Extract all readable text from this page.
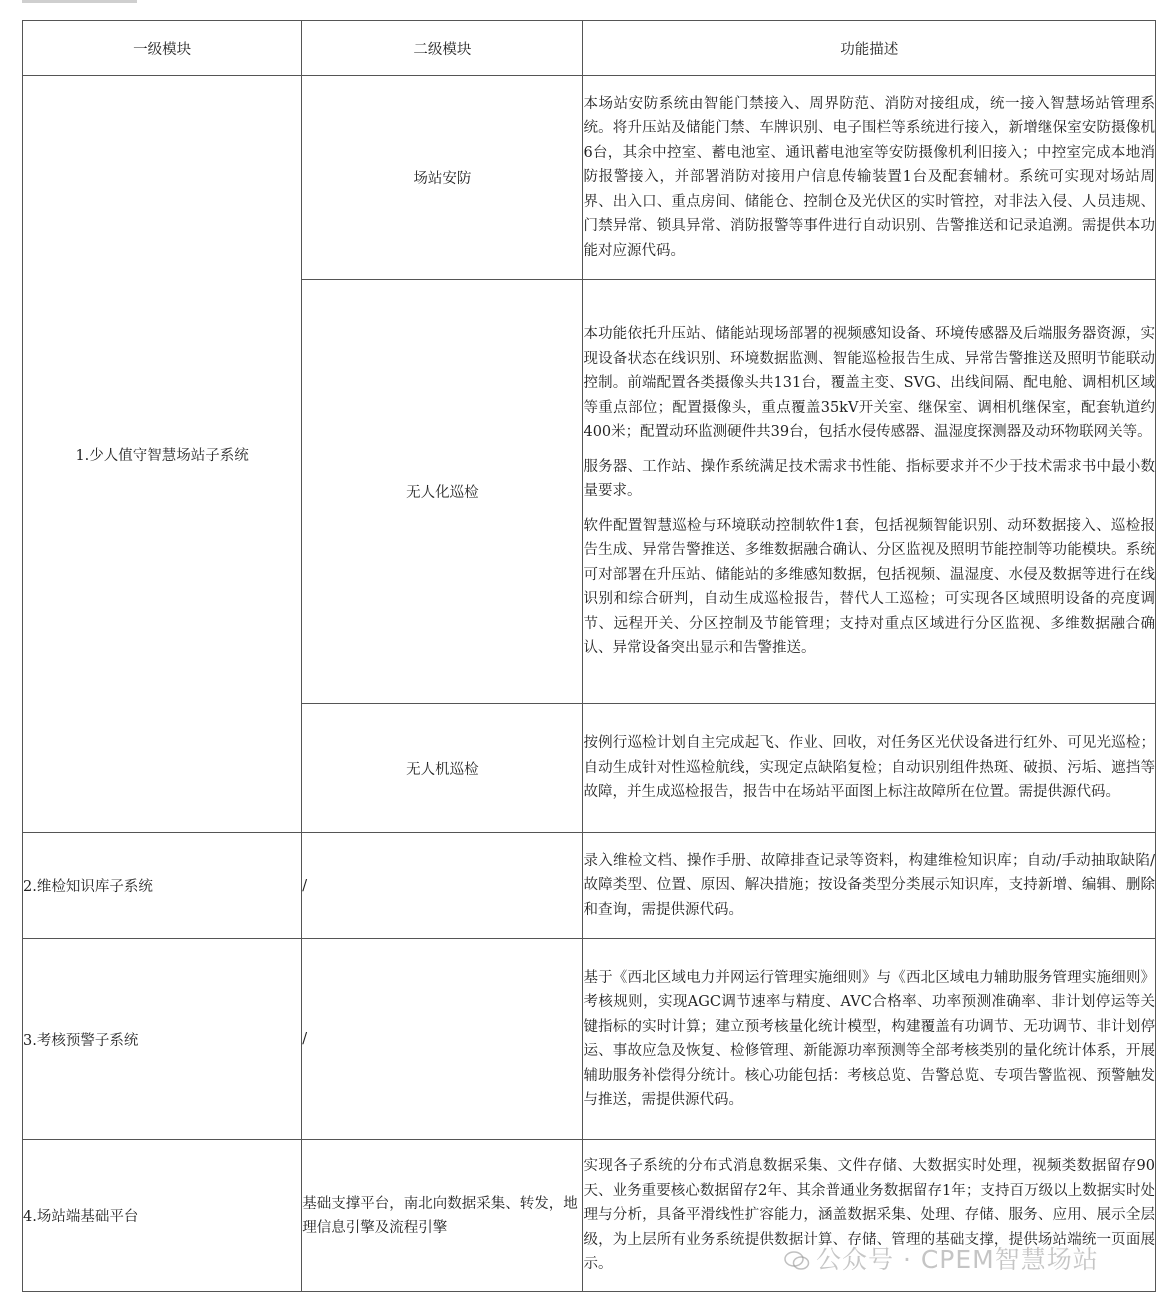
一级模块	二级模块	功能描述
1.少人值守智慧场站子系统	场站安防	本场站安防系统由智能门禁接入、周界防范、消防对接组成，统一接入智慧场站管理系统。将升压站及储能门禁、车牌识别、电子围栏等系统进行接入，新增继保室安防摄像机6台，其余中控室、蓄电池室、通讯蓄电池室等安防摄像机利旧接入；中控室完成本地消防报警接入，并部署消防对接用户信息传输装置1台及配套辅材。系统可实现对场站周界、出入口、重点房间、储能仓、控制仓及光伏区的实时管控，对非法入侵、人员违规、门禁异常、锁具异常、消防报警等事件进行自动识别、告警推送和记录追溯。需提供本功能对应源代码。

	无人化巡检	本功能依托升压站、储能站现场部署的视频感知设备、环境传感器及后端服务器资源，实现设备状态在线识别、环境数据监测、智能巡检报告生成、异常告警推送及照明节能联动控制。前端配置各类摄像头共131台，覆盖主变、SVG、出线间隔、配电舱、调相机区域等重点部位；配置摄像头，重点覆盖35kV开关室、继保室、调相机继保室，配套轨道约400米；配置动环监测硬件共39台，包括水侵传感器、温湿度探测器及动环物联网关等。

服务器、工作站、操作系统满足技术需求书性能、指标要求并不少于技术需求书中最小数量要求。

软件配置智慧巡检与环境联动控制软件1套，包括视频智能识别、动环数据接入、巡检报告生成、异常告警推送、多维数据融合确认、分区监视及照明节能控制等功能模块。系统可对部署在升压站、储能站的多维感知数据，包括视频、温湿度、水侵及数据等进行在线识别和综合研判，自动生成巡检报告，替代人工巡检；可实现各区域照明设备的亮度调节、远程开关、分区控制及节能管理；支持对重点区域进行分区监视、多维数据融合确认、异常设备突出显示和告警推送。

	无人机巡检	按例行巡检计划自主完成起飞、作业、回收，对任务区光伏设备进行红外、可见光巡检；自动生成针对性巡检航线，实现定点缺陷复检；自动识别组件热斑、破损、污垢、遮挡等故障，并生成巡检报告，报告中在场站平面图上标注故障所在位置。需提供源代码。

2.维检知识库子系统	/	录入维检文档、操作手册、故障排查记录等资料，构建维检知识库；自动/手动抽取缺陷/故障类型、位置、原因、解决措施；按设备类型分类展示知识库，支持新增、编辑、删除和查询，需提供源代码。

3.考核预警子系统	/	基于《西北区域电力并网运行管理实施细则》与《西北区域电力辅助服务管理实施细则》考核规则，实现AGC调节速率与精度、AVC合格率、功率预测准确率、非计划停运等关键指标的实时计算；建立预考核量化统计模型，构建覆盖有功调节、无功调节、非计划停运、事故应急及恢复、检修管理、新能源功率预测等全部考核类别的量化统计体系，开展辅助服务补偿得分统计。核心功能包括：考核总览、告警总览、专项告警监视、预警触发与推送，需提供源代码。

4.场站端基础平台	基础支撑平台，南北向数据采集、转发，地理信息引擎及流程引擎	实现各子系统的分布式消息数据采集、文件存储、大数据实时处理，视频类数据留存90天、业务重要核心数据留存2年、其余普通业务数据留存1年；支持百万级以上数据实时处理与分析，具备平滑线性扩容能力，涵盖数据采集、处理、存储、服务、应用、展示全层级，为上层所有业务系统提供数据计算、存储、管理的基础支撑，提供场站端统一页面展示。	公众号 · CPEM智慧场站
